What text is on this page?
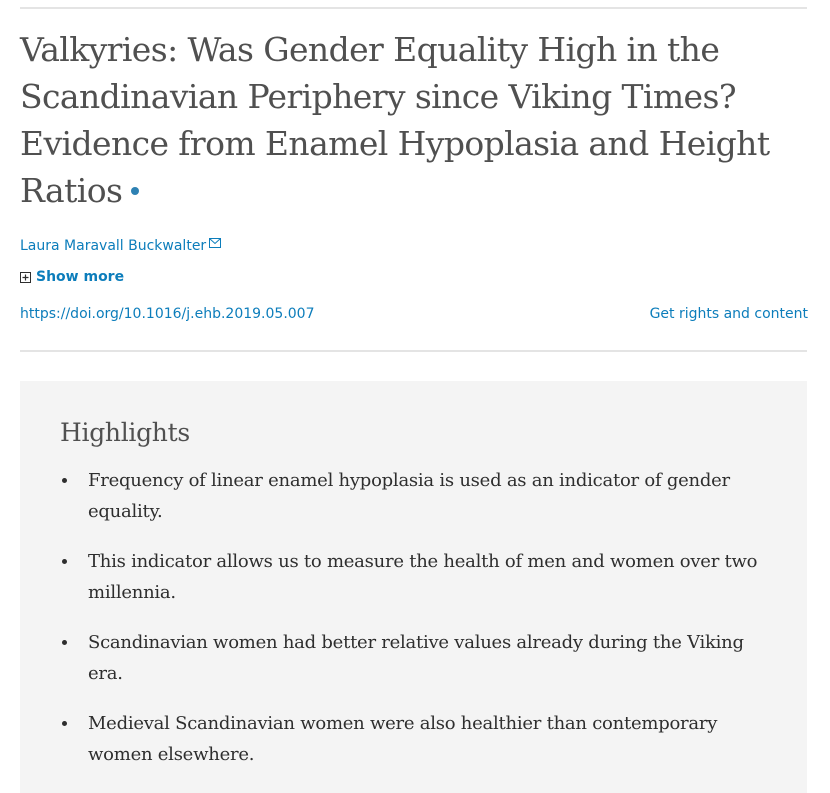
Valkyries: Was Gender Equality High in the Scandinavian Periphery since Viking Times? Evidence from Enamel Hypoplasia and Height Ratios
Laura Maravall Buckwalter
Show more
https://doi.org/10.1016/j.ehb.2019.05.007	Get rights and content
Highlights
Frequency of linear enamel hypoplasia is used as an indicator of gender equality.
This indicator allows us to measure the health of men and women over two millennia.
Scandinavian women had better relative values already during the Viking era.
Medieval Scandinavian women were also healthier than contemporary women elsewhere.
